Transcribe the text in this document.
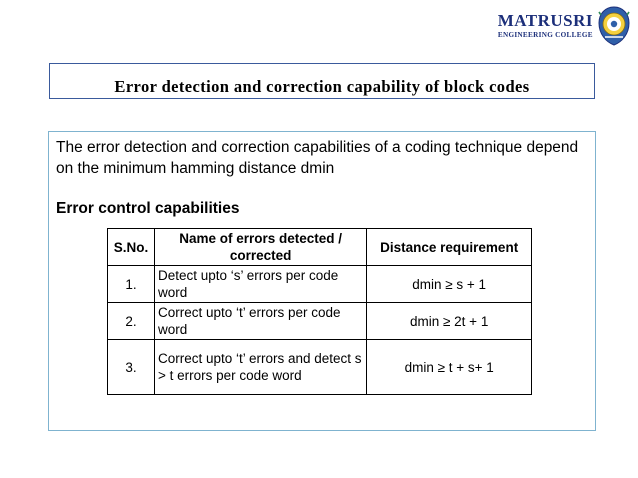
MATRUSRI
ENGINEERING COLLEGE
Error detection and correction capability of block codes

The error detection and correction capabilities of a coding technique depend on the minimum hamming distance dmin

Error control capabilities

S.No.	Name of errors detected / corrected	Distance requirement
1.	Detect upto ‘s’ errors per code word	dmin ≥ s + 1
2.	Correct upto ‘t’ errors per code word	dmin ≥ 2t + 1
3.	Correct upto ‘t’ errors and detect s > t errors per code word	dmin ≥ t + s+ 1
